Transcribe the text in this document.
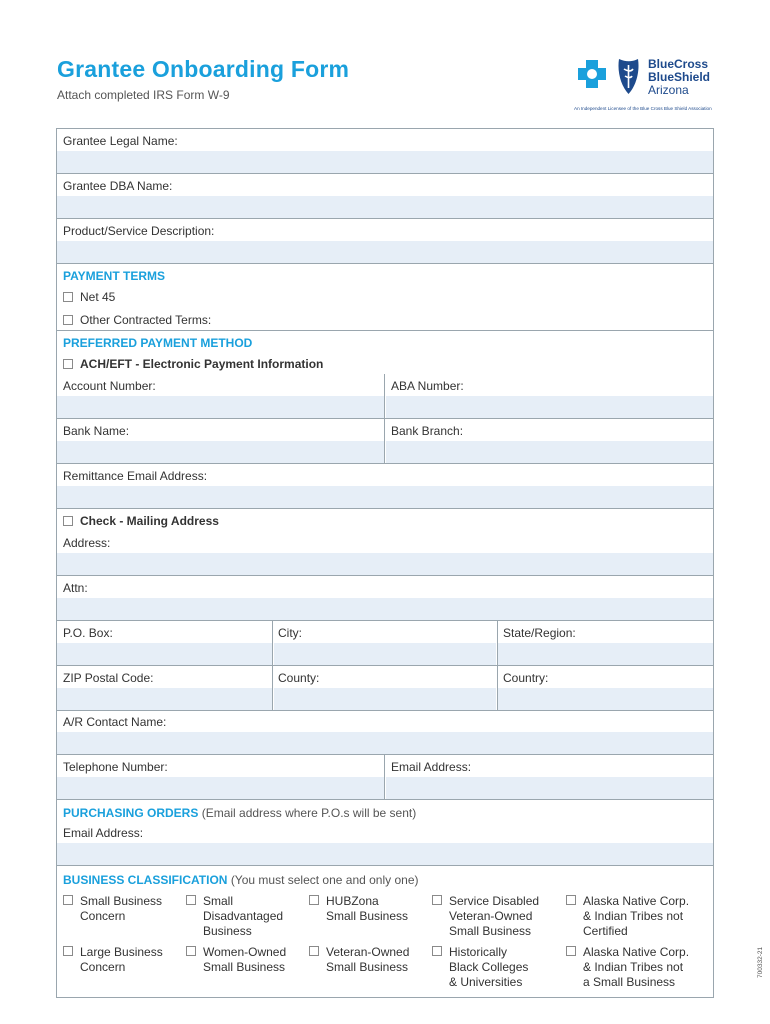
Grantee Onboarding Form
Attach completed IRS Form W-9
BlueCross
BlueShield
Arizona
An Independent Licensee of the Blue Cross Blue Shield Association
Grantee Legal Name:
Grantee DBA Name:
Product/Service Description:
PAYMENT TERMS
Net 45
Other Contracted Terms:
PREFERRED PAYMENT METHOD
ACH/EFT - Electronic Payment Information
Account Number:	ABA Number:
Bank Name:	Bank Branch:
Remittance Email Address:
Check - Mailing Address
Address:
Attn:
P.O. Box:	City:	State/Region:
ZIP Postal Code:	County:	Country:
A/R Contact Name:
Telephone Number:	Email Address:
PURCHASING ORDERS (Email address where P.O.s will be sent)
Email Address:
BUSINESS CLASSIFICATION (You must select one and only one)
Small Business
Concern
Small
Disadvantaged
Business
HUBZona
Small Business
Service Disabled
Veteran-Owned
Small Business
Alaska Native Corp.
& Indian Tribes not
Certified
Large Business
Concern
Women-Owned
Small Business
Veteran-Owned
Small Business
Historically
Black Colleges
& Universities
Alaska Native Corp.
& Indian Tribes not
a Small Business
700332-21
